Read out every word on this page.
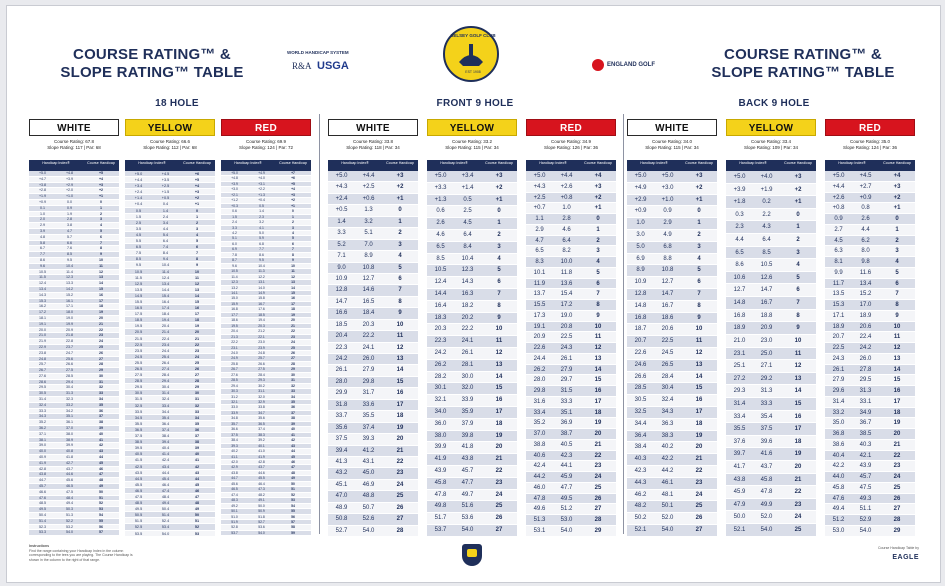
COURSE RATING™ &
SLOPE RATING™ TABLE
WORLD HANDICAP SYSTEM
R&A USGA
SELSEY GOLF CLUB
EST 1908
ENGLAND GOLF
COURSE RATING™ &
SLOPE RATING™ TABLE
18 HOLE	FRONT 9 HOLE	BACK 9 HOLE
WHITE
Course Rating: 67.8
Slope Rating: 117 | Par: 68
Handicap Index®	Course Handicap
+5.0	+4.8	+5
+4.7	+3.9	+4
+3.8	+2.9	+3
+2.8	+2.0	+2
+1.9	+1.0	+1
+0.9	0.0	0
0.1	0.9	1
1.0	1.9	2
2.0	2.8	3
2.9	3.8	4
3.9	4.7	5
4.8	5.7	6
5.8	6.6	7
6.7	7.6	8
7.7	8.5	9
8.6	9.5	10
9.6	10.4	11
10.5	11.4	12
11.5	12.3	13
12.4	13.3	14
13.4	14.2	15
14.3	15.2	16
15.3	16.1	17
16.2	17.1	18
17.2	18.0	19
18.1	19.0	20
19.1	19.9	21
20.0	20.9	22
21.0	21.8	23
21.9	22.8	24
22.9	23.7	25
23.8	24.7	26
24.8	25.6	27
25.7	26.6	28
26.7	27.5	29
27.6	28.5	30
28.6	29.4	31
29.5	30.4	32
30.5	31.3	33
31.4	32.3	34
32.4	33.2	35
33.3	34.2	36
34.3	35.1	37
35.2	36.1	38
36.2	37.0	39
37.1	38.0	40
38.1	38.9	41
39.0	39.9	42
40.0	40.8	43
40.9	41.8	44
41.9	42.7	45
42.8	43.7	46
43.8	44.6	47
44.7	45.6	48
45.7	46.5	49
46.6	47.5	50
47.6	48.4	51
48.5	49.4	52
49.5	50.3	53
50.4	51.3	54
51.4	52.2	55
52.3	53.2	56
53.3	54.0	57
YELLOW
Course Rating: 66.6
Slope Rating: 112 | Par: 68
Handicap Index®	Course Handicap
+5.0	+4.5	+6
+4.4	+3.5	+5
+3.4	+2.5	+4
+2.4	+1.5	+3
+1.4	+0.5	+2
+0.4	0.4	+1
0.5	1.4	0
1.5	2.4	1
2.5	3.4	2
3.5	4.4	3
4.5	5.4	4
5.5	6.4	5
6.5	7.4	6
7.5	8.4	7
8.5	9.4	8
9.5	10.4	9
10.5	11.4	10
11.5	12.4	11
12.5	13.4	12
13.5	14.4	13
14.5	15.4	14
15.5	16.4	15
16.5	17.4	16
17.5	18.4	17
18.5	19.4	18
19.5	20.4	19
20.5	21.4	20
21.5	22.4	21
22.5	23.4	22
23.5	24.4	23
24.5	25.4	24
25.5	26.4	25
26.5	27.4	26
27.5	28.4	27
28.5	29.4	28
29.5	30.4	29
30.5	31.4	30
31.5	32.4	31
32.5	33.4	32
33.5	34.4	33
34.5	35.4	34
35.5	36.4	35
36.5	37.4	36
37.5	38.4	37
38.5	39.4	38
39.5	40.4	39
40.5	41.4	40
41.5	42.4	41
42.5	43.4	42
43.5	44.4	43
44.5	45.4	44
45.5	46.4	45
46.5	47.4	46
47.5	48.4	47
48.5	49.4	48
49.5	50.4	49
50.5	51.4	50
51.5	52.4	51
52.5	53.4	52
53.5	54.0	53
RED
Course Rating: 69.9
Slope Rating: 124 | Par: 72
Handicap Index®	Course Handicap
+5.0	+4.9	+7
+4.8	+4.0	+6
+3.9	+3.1	+5
+3.0	+2.2	+4
+2.1	+1.3	+3
+1.2	+0.4	+2
+0.3	0.5	+1
0.6	1.4	0
1.5	2.3	1
2.4	3.2	2
3.3	4.1	3
4.2	5.0	4
5.1	5.9	5
6.0	6.8	6
6.9	7.7	7
7.8	8.6	8
8.7	9.5	9
9.6	10.4	10
10.5	11.3	11
11.4	12.2	12
12.3	13.1	13
13.2	14.0	14
14.1	14.9	15
15.0	15.8	16
15.9	16.7	17
16.8	17.6	18
17.7	18.5	19
18.6	19.4	20
19.5	20.3	21
20.4	21.2	22
21.3	22.1	23
22.2	23.0	24
23.1	23.9	25
24.0	24.8	26
24.9	25.7	27
25.8	26.6	28
26.7	27.5	29
27.6	28.4	30
28.5	29.3	31
29.4	30.2	32
30.3	31.1	33
31.2	32.0	34
32.1	32.9	35
33.0	33.8	36
33.9	34.7	37
34.8	35.6	38
35.7	36.5	39
36.6	37.4	40
37.5	38.3	41
38.4	39.2	42
39.3	40.1	43
40.2	41.0	44
41.1	41.9	45
42.0	42.8	46
42.9	43.7	47
43.8	44.6	48
44.7	45.5	49
45.6	46.4	50
46.5	47.3	51
47.4	48.2	52
48.3	49.1	53
49.2	50.0	54
50.1	50.9	55
51.0	51.8	56
51.9	52.7	57
52.8	53.6	58
53.7	54.0	59
WHITE
Course Rating: 33.8
Slope Rating: 118 | Par: 34
Handicap Index®	Course Handicap
+5.0	+4.4	+3
+4.3	+2.5	+2
+2.4	+0.6	+1
+0.5	1.3	0
1.4	3.2	1
3.3	5.1	2
5.2	7.0	3
7.1	8.9	4
9.0	10.8	5
10.9	12.7	6
12.8	14.6	7
14.7	16.5	8
16.6	18.4	9
18.5	20.3	10
20.4	22.2	11
22.3	24.1	12
24.2	26.0	13
26.1	27.9	14
28.0	29.8	15
29.9	31.7	16
31.8	33.6	17
33.7	35.5	18
35.6	37.4	19
37.5	39.3	20
39.4	41.2	21
41.3	43.1	22
43.2	45.0	23
45.1	46.9	24
47.0	48.8	25
48.9	50.7	26
50.8	52.6	27
52.7	54.0	28
YELLOW
Course Rating: 33.2
Slope Rating: 115 | Par: 34
Handicap Index®	Course Handicap
+5.0	+3.4	+3
+3.3	+1.4	+2
+1.3	0.5	+1
0.6	2.5	0
2.6	4.5	1
4.6	6.4	2
6.5	8.4	3
8.5	10.4	4
10.5	12.3	5
12.4	14.3	6
14.4	16.3	7
16.4	18.2	8
18.3	20.2	9
20.3	22.2	10
22.3	24.1	11
24.2	26.1	12
26.2	28.1	13
28.2	30.0	14
30.1	32.0	15
32.1	33.9	16
34.0	35.9	17
36.0	37.9	18
38.0	39.8	19
39.9	41.8	20
41.9	43.8	21
43.9	45.7	22
45.8	47.7	23
47.8	49.7	24
49.8	51.6	25
51.7	53.6	26
53.7	54.0	27
RED
Course Rating: 34.9
Slope Rating: 126 | Par: 36
Handicap Index®	Course Handicap
+5.0	+4.4	+4
+4.3	+2.6	+3
+2.5	+0.8	+2
+0.7	1.0	+1
1.1	2.8	0
2.9	4.6	1
4.7	6.4	2
6.5	8.2	3
8.3	10.0	4
10.1	11.8	5
11.9	13.6	6
13.7	15.4	7
15.5	17.2	8
17.3	19.0	9
19.1	20.8	10
20.9	22.5	11
22.6	24.3	12
24.4	26.1	13
26.2	27.9	14
28.0	29.7	15
29.8	31.5	16
31.6	33.3	17
33.4	35.1	18
35.2	36.9	19
37.0	38.7	20
38.8	40.5	21
40.6	42.3	22
42.4	44.1	23
44.2	45.9	24
46.0	47.7	25
47.8	49.5	26
49.6	51.2	27
51.3	53.0	28
53.1	54.0	29
WHITE
Course Rating: 34.0
Slope Rating: 115 | Par: 34
Handicap Index®	Course Handicap
+5.0	+5.0	+3
+4.9	+3.0	+2
+2.9	+1.0	+1
+0.9	0.9	0
1.0	2.9	1
3.0	4.9	2
5.0	6.8	3
6.9	8.8	4
8.9	10.8	5
10.9	12.7	6
12.8	14.7	7
14.8	16.7	8
16.8	18.6	9
18.7	20.6	10
20.7	22.5	11
22.6	24.5	12
24.6	26.5	13
26.6	28.4	14
28.5	30.4	15
30.5	32.4	16
32.5	34.3	17
34.4	36.3	18
36.4	38.3	19
38.4	40.2	20
40.3	42.2	21
42.3	44.2	22
44.3	46.1	23
46.2	48.1	24
48.2	50.1	25
50.2	52.0	26
52.1	54.0	27
YELLOW
Course Rating: 33.4
Slope Rating: 109 | Par: 34
Handicap Index®	Course Handicap
+5.0	+4.0	+3
+3.9	+1.9	+2
+1.8	0.2	+1
0.3	2.2	0
2.3	4.3	1
4.4	6.4	2
6.5	8.5	3
8.6	10.5	4
10.6	12.6	5
12.7	14.7	6
14.8	16.7	7
16.8	18.8	8
18.9	20.9	9
21.0	23.0	10
23.1	25.0	11
25.1	27.1	12
27.2	29.2	13
29.3	31.3	14
31.4	33.3	15
33.4	35.4	16
35.5	37.5	17
37.6	39.6	18
39.7	41.6	19
41.7	43.7	20
43.8	45.8	21
45.9	47.8	22
47.9	49.9	23
50.0	52.0	24
52.1	54.0	25
RED
Course Rating: 35.0
Slope Rating: 124 | Par: 36
Handicap Index®	Course Handicap
+5.0	+4.5	+4
+4.4	+2.7	+3
+2.6	+0.9	+2
+0.8	0.8	+1
0.9	2.6	0
2.7	4.4	1
4.5	6.2	2
6.3	8.0	3
8.1	9.8	4
9.9	11.6	5
11.7	13.4	6
13.5	15.2	7
15.3	17.0	8
17.1	18.9	9
18.9	20.6	10
20.7	22.4	11
22.5	24.2	12
24.3	26.0	13
26.1	27.8	14
27.9	29.5	15
29.6	31.3	16
31.4	33.1	17
33.2	34.9	18
35.0	36.7	19
36.8	38.5	20
38.6	40.3	21
40.4	42.1	22
42.2	43.9	23
44.0	45.7	24
45.8	47.5	25
47.6	49.3	26
49.4	51.1	27
51.2	52.9	28
53.0	54.0	29
Instructions
Find the range containing your Handicap Index in the column corresponding to the tees you are playing. The Course Handicap is shown in the column to the right of that range.
Course Handicap Table by
EAGLE
